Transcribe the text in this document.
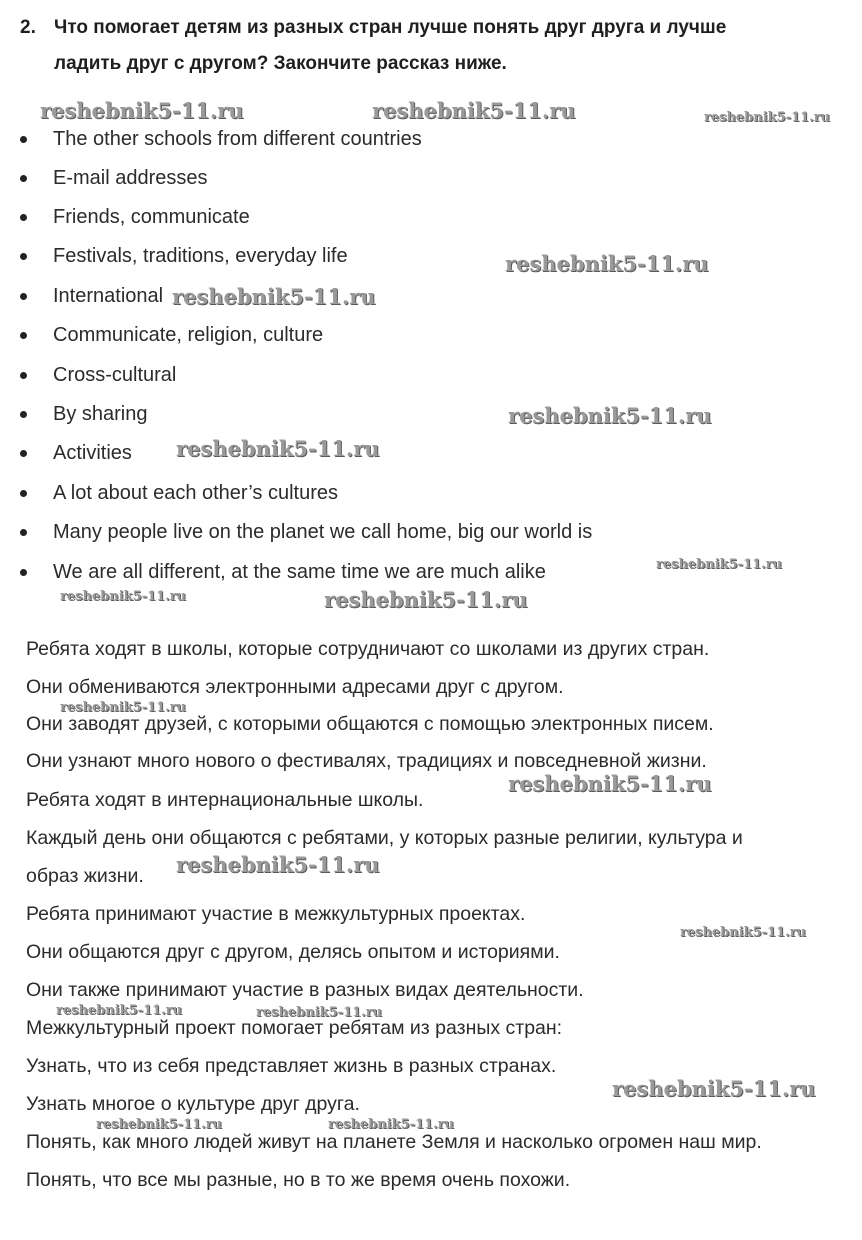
2. Что помогает детям из разных стран лучше понять друг друга и лучше
ладить друг с другом? Закончите рассказ ниже.
The other schools from different countries
E-mail addresses
Friends, communicate
Festivals, traditions, everyday life
International
Communicate, religion, culture
Cross-cultural
By sharing
Activities
A lot about each other’s cultures
Many people live on the planet we call home, big our world is
We are all different, at the same time we are much alike
Ребята ходят в школы, которые сотрудничают со школами из других стран.
Они обмениваются электронными адресами друг с другом.
Они заводят друзей, с которыми общаются с помощью электронных писем.
Они узнают много нового о фестивалях, традициях и повседневной жизни.
Ребята ходят в интернациональные школы.
Каждый день они общаются с ребятами, у которых разные религии, культура и
образ жизни.
Ребята принимают участие в межкультурных проектах.
Они общаются друг с другом, делясь опытом и историями.
Они также принимают участие в разных видах деятельности.
Межкультурный проект помогает ребятам из разных стран:
Узнать, что из себя представляет жизнь в разных странах.
Узнать многое о культуре друг друга.
Понять, как много людей живут на планете Земля и насколько огромен наш мир.
Понять, что все мы разные, но в то же время очень похожи.
reshebnik5-11.ru	reshebnik5-11.ru	reshebnik5-11.ru
reshebnik5-11.ru
reshebnik5-11.ru
reshebnik5-11.ru
reshebnik5-11.ru
reshebnik5-11.ru
reshebnik5-11.ru	reshebnik5-11.ru
reshebnik5-11.ru
reshebnik5-11.ru
reshebnik5-11.ru
reshebnik5-11.ru
reshebnik5-11.ru	reshebnik5-11.ru
reshebnik5-11.ru
reshebnik5-11.ru	reshebnik5-11.ru
